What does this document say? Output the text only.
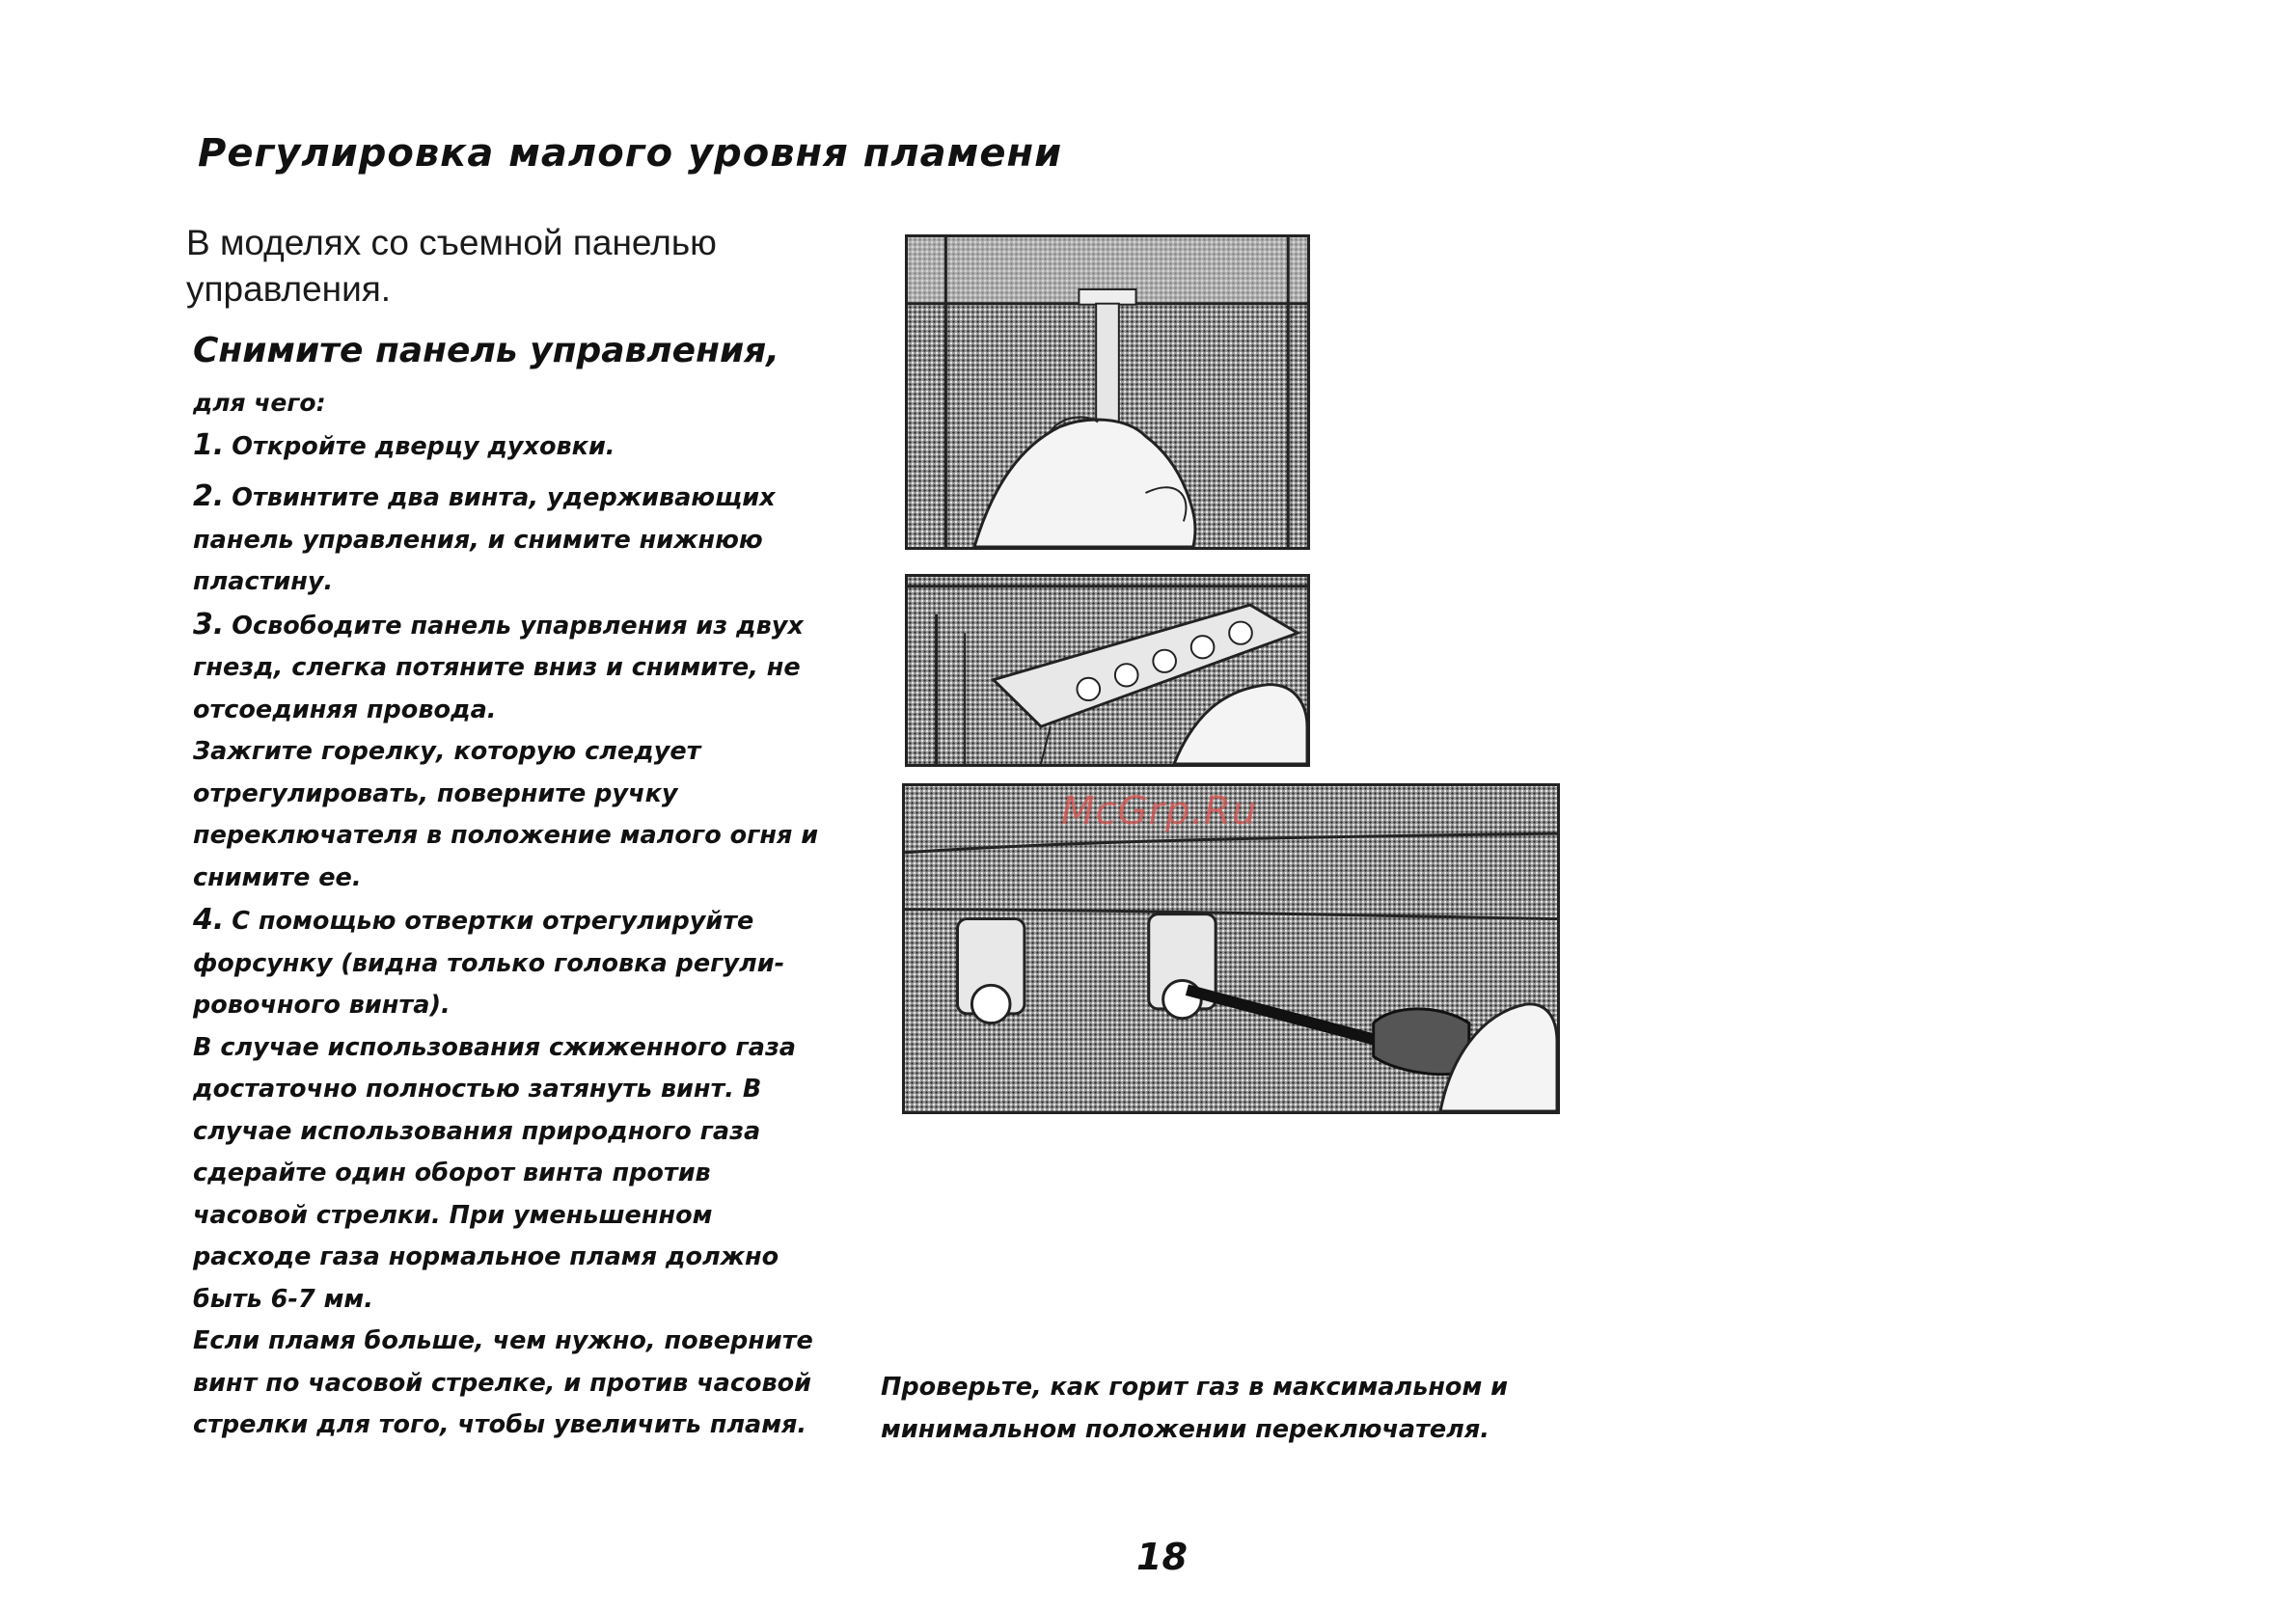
Регулировка малого уровня пламени
В моделях со съемной панелью управления.
Снимите панель управления,

для чего:

1. Откройте дверцу духовки.

2. Отвинтите два винта, удерживающих панель управления, и снимите нижнюю пластину.

3. Освободите панель упарвления из двух гнезд, слегка потяните вниз и снимите, не отсоединяя провода.

Зажгите горелку, которую следует отрегулировать, поверните ручку переключателя в положение малого огня и снимите ее.

4. С помощью отвертки отрегулируйте форсунку (видна только головка регули-ровочного винта).

В случае использования сжиженного газа достаточно полностью затянуть винт. В случае использования природного газа сдерайте один оборот винта против часовой стрелки. При уменьшенном расходе газа нормальное пламя должно быть 6-7 мм.

Если пламя больше, чем нужно, поверните винт по часовой стрелке, и против часовой стрелки для того, чтобы увеличить пламя.

McGrp.Ru
Проверьте, как горит газ в максимальном и минимальном положении переключателя.
18
